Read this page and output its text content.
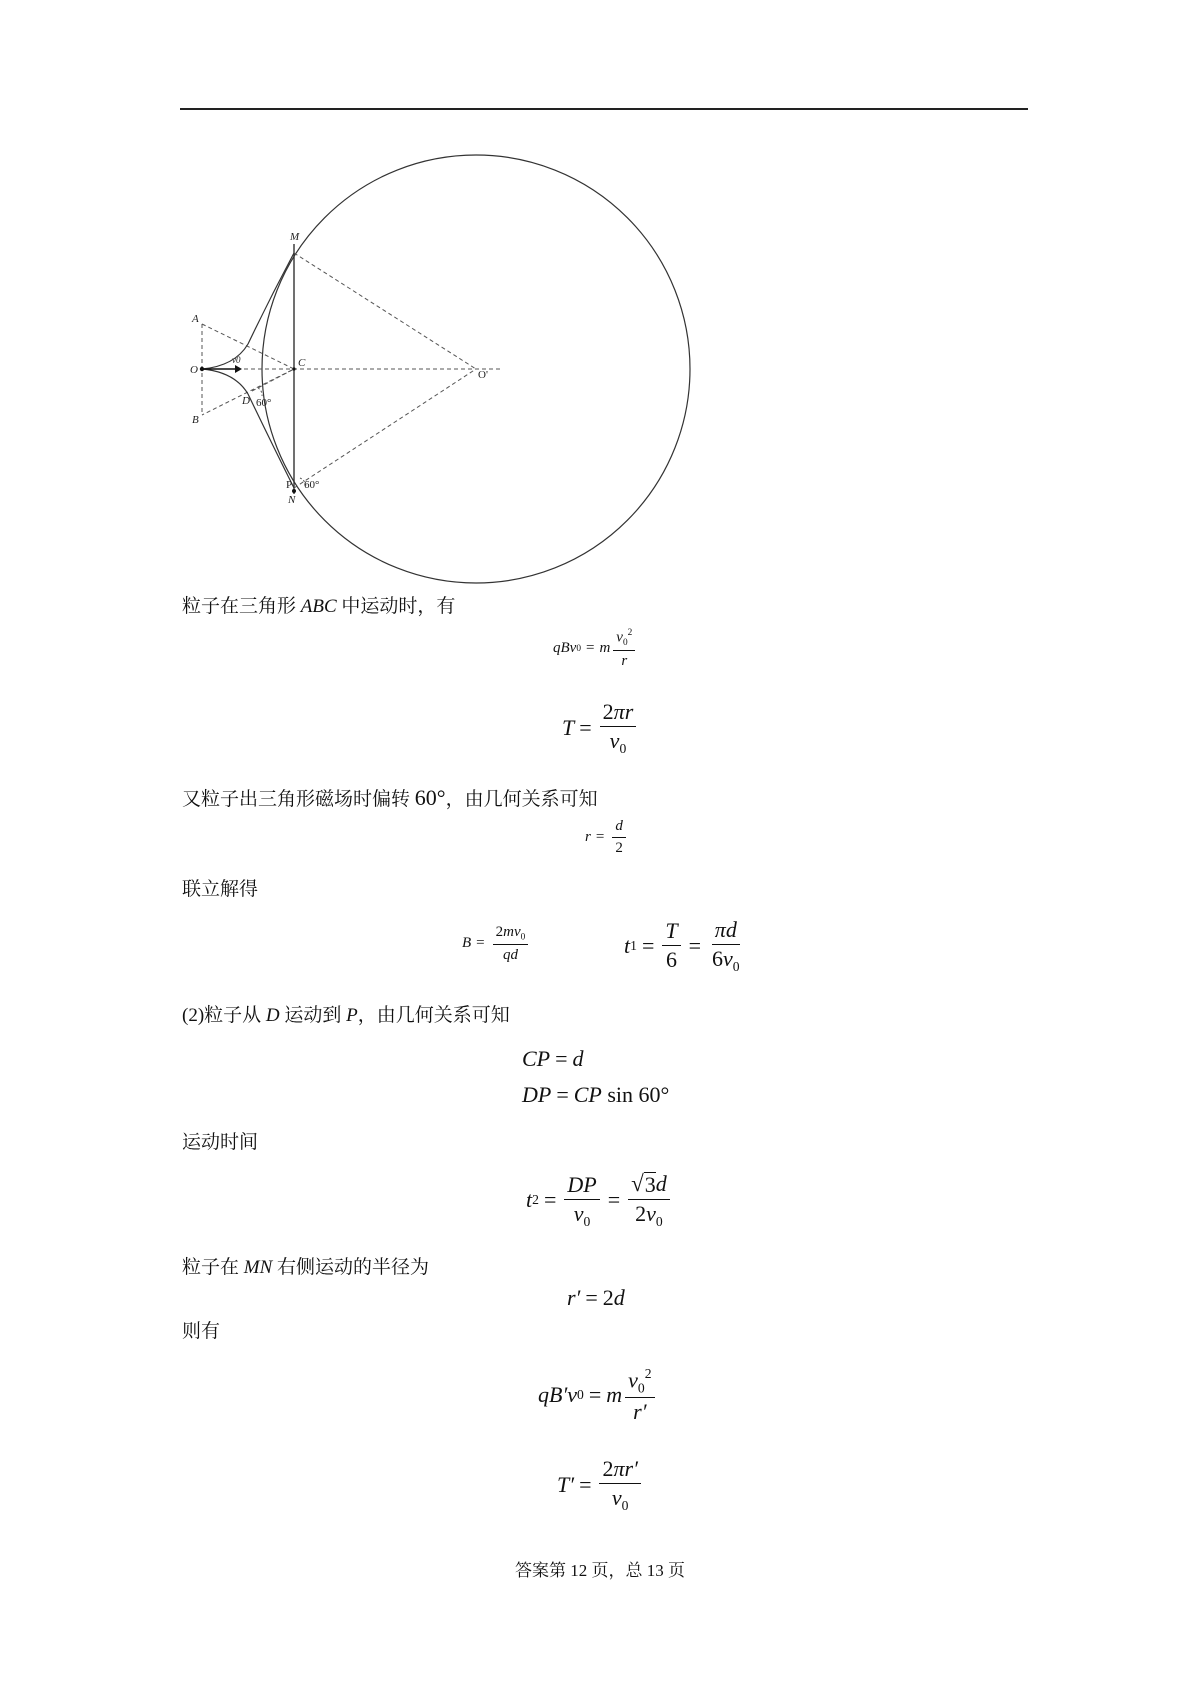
M
A
O
B
C
D
O'
P
N
v0
60°
60°
粒子在三角形 ABC 中运动时，有
qBv 0 = m $\frac{v_0^2}{r}$
$T = \frac{2\pi r}{v_0}$
又粒子出三角形磁场时偏转 60°，由几何关系可知
$r = \frac{d}{2}$
联立解得
$B = \frac{2mv_0}{qd}$	t $1 = \frac{T}{6} = \frac{\pi d}{6v_0}$
(2)粒子从 D 运动到 P，由几何关系可知
CP = d
DP = CP sin 60°
运动时间
t $2 = \frac{DP}{v_0} = \frac{√ 3 d}{2v_0}$
粒子在 MN 右侧运动的半径为
r′ = 2 d
则有
qB′v 0 = m $\frac{v_0^2}{r'}$
$T' = \frac{2\pi r'}{v_0}$
答案第 12 页，总 13 页
